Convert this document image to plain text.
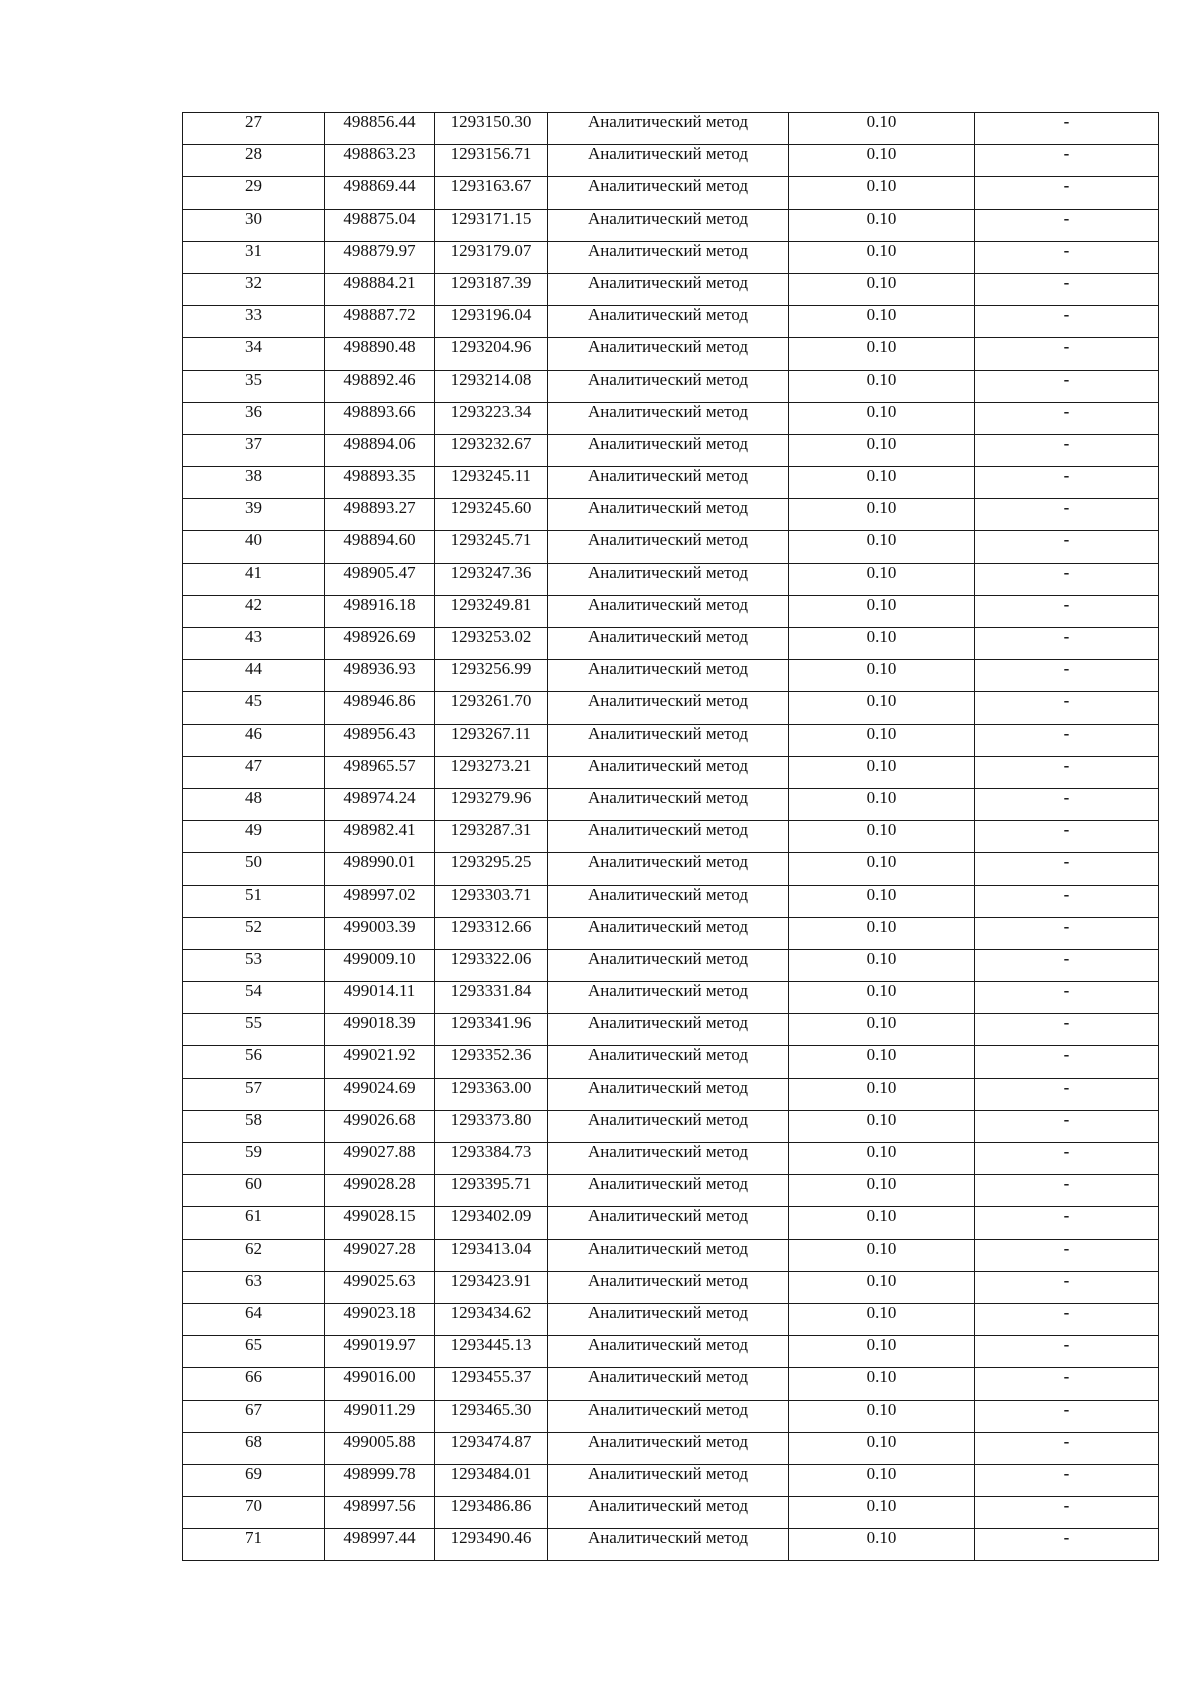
27	498856.44	1293150.30	Аналитический метод	0.10	-
28	498863.23	1293156.71	Аналитический метод	0.10	-
29	498869.44	1293163.67	Аналитический метод	0.10	-
30	498875.04	1293171.15	Аналитический метод	0.10	-
31	498879.97	1293179.07	Аналитический метод	0.10	-
32	498884.21	1293187.39	Аналитический метод	0.10	-
33	498887.72	1293196.04	Аналитический метод	0.10	-
34	498890.48	1293204.96	Аналитический метод	0.10	-
35	498892.46	1293214.08	Аналитический метод	0.10	-
36	498893.66	1293223.34	Аналитический метод	0.10	-
37	498894.06	1293232.67	Аналитический метод	0.10	-
38	498893.35	1293245.11	Аналитический метод	0.10	-
39	498893.27	1293245.60	Аналитический метод	0.10	-
40	498894.60	1293245.71	Аналитический метод	0.10	-
41	498905.47	1293247.36	Аналитический метод	0.10	-
42	498916.18	1293249.81	Аналитический метод	0.10	-
43	498926.69	1293253.02	Аналитический метод	0.10	-
44	498936.93	1293256.99	Аналитический метод	0.10	-
45	498946.86	1293261.70	Аналитический метод	0.10	-
46	498956.43	1293267.11	Аналитический метод	0.10	-
47	498965.57	1293273.21	Аналитический метод	0.10	-
48	498974.24	1293279.96	Аналитический метод	0.10	-
49	498982.41	1293287.31	Аналитический метод	0.10	-
50	498990.01	1293295.25	Аналитический метод	0.10	-
51	498997.02	1293303.71	Аналитический метод	0.10	-
52	499003.39	1293312.66	Аналитический метод	0.10	-
53	499009.10	1293322.06	Аналитический метод	0.10	-
54	499014.11	1293331.84	Аналитический метод	0.10	-
55	499018.39	1293341.96	Аналитический метод	0.10	-
56	499021.92	1293352.36	Аналитический метод	0.10	-
57	499024.69	1293363.00	Аналитический метод	0.10	-
58	499026.68	1293373.80	Аналитический метод	0.10	-
59	499027.88	1293384.73	Аналитический метод	0.10	-
60	499028.28	1293395.71	Аналитический метод	0.10	-
61	499028.15	1293402.09	Аналитический метод	0.10	-
62	499027.28	1293413.04	Аналитический метод	0.10	-
63	499025.63	1293423.91	Аналитический метод	0.10	-
64	499023.18	1293434.62	Аналитический метод	0.10	-
65	499019.97	1293445.13	Аналитический метод	0.10	-
66	499016.00	1293455.37	Аналитический метод	0.10	-
67	499011.29	1293465.30	Аналитический метод	0.10	-
68	499005.88	1293474.87	Аналитический метод	0.10	-
69	498999.78	1293484.01	Аналитический метод	0.10	-
70	498997.56	1293486.86	Аналитический метод	0.10	-
71	498997.44	1293490.46	Аналитический метод	0.10	-
